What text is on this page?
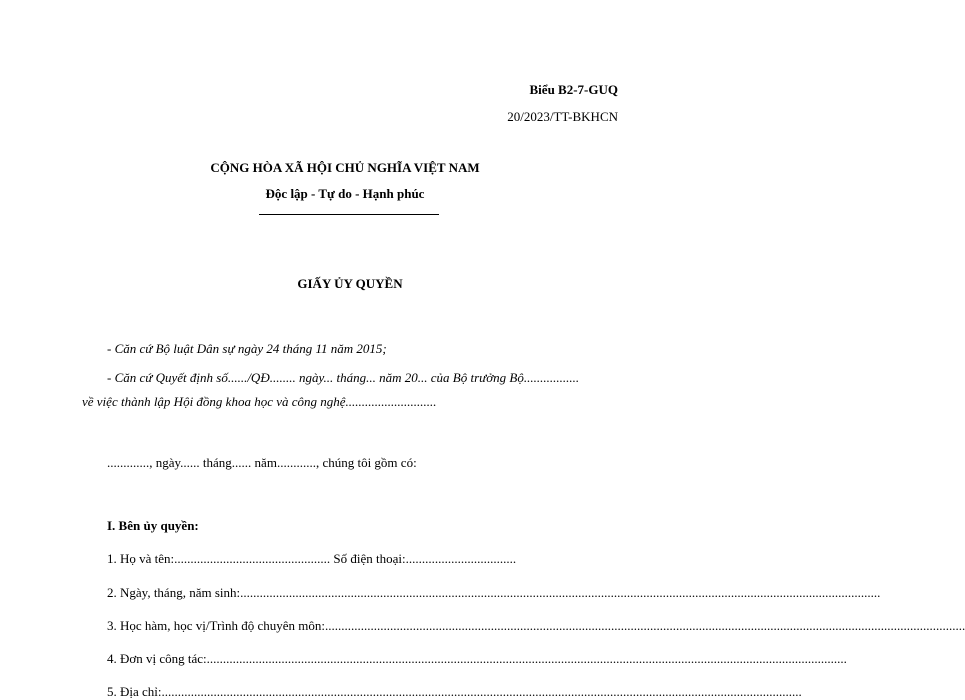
Biểu B2-7-GUQ
20/2023/TT-BKHCN
CỘNG HÒA XÃ HỘI CHỦ NGHĨA VIỆT NAM
Độc lập - Tự do - Hạnh phúc
GIẤY ỦY QUYỀN
- Căn cứ Bộ luật Dân sự ngày 24 tháng 11 năm 2015;
- Căn cứ Quyết định số....../QĐ........ ngày... tháng... năm 20... của Bộ trưởng Bộ.................
về việc thành lập Hội đồng khoa học và công nghệ............................
............., ngày...... tháng...... năm............, chúng tôi gồm có:
I. Bên ủy quyền:
1. Họ và tên:................................................ Số điện thoại:..................................
2. Ngày, tháng, năm sinh: .....................................................................................................................................................................................................
3. Học hàm, học vị/Trình độ chuyên môn: .....................................................................................................................................................................................................
4. Đơn vị công tác: .....................................................................................................................................................................................................
5. Địa chỉ: .....................................................................................................................................................................................................
